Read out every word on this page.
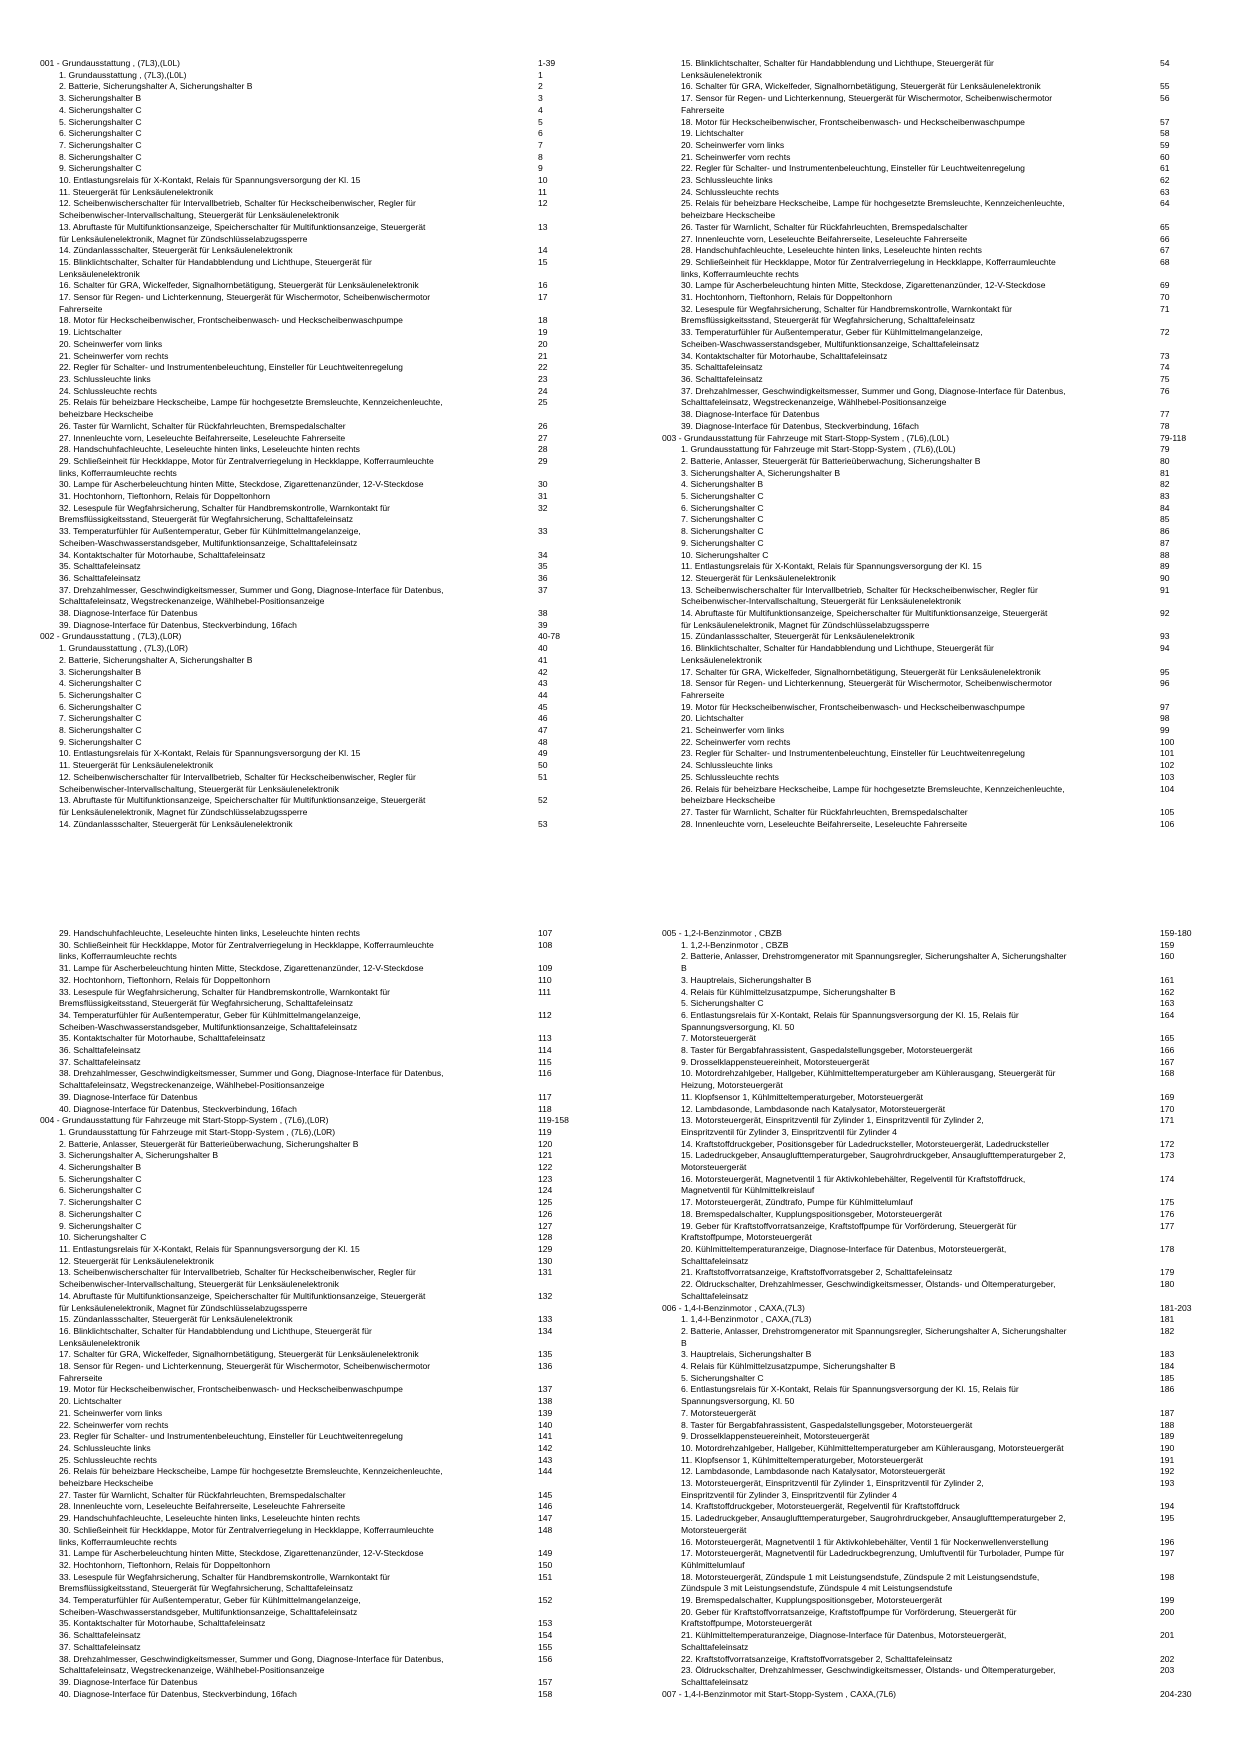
001 - Grundausstattung , (7L3),(L0L)	1-39
1. Grundausstattung , (7L3),(L0L)	1
2. Batterie, Sicherungshalter A, Sicherungshalter B	2
3. Sicherungshalter B	3
4. Sicherungshalter C	4
5. Sicherungshalter C	5
6. Sicherungshalter C	6
7. Sicherungshalter C	7
8. Sicherungshalter C	8
9. Sicherungshalter C	9
10. Entlastungsrelais für X-Kontakt, Relais für Spannungsversorgung der Kl. 15	10
11. Steuergerät für Lenksäulenelektronik	11
12. Scheibenwischerschalter für Intervallbetrieb, Schalter für Heckscheibenwischer, Regler für	12
Scheibenwischer-Intervallschaltung, Steuergerät für Lenksäulenelektronik
13. Abruftaste für Multifunktionsanzeige, Speicherschalter für Multifunktionsanzeige, Steuergerät	13
für Lenksäulenelektronik, Magnet für Zündschlüsselabzugssperre
14. Zündanlassschalter, Steuergerät für Lenksäulenelektronik	14
15. Blinklichtschalter, Schalter für Handabblendung und Lichthupe, Steuergerät für	15
Lenksäulenelektronik
16. Schalter für GRA, Wickelfeder, Signalhornbetätigung, Steuergerät für Lenksäulenelektronik	16
17. Sensor für Regen- und Lichterkennung, Steuergerät für Wischermotor, Scheibenwischermotor	17
Fahrerseite
18. Motor für Heckscheibenwischer, Frontscheibenwasch- und Heckscheibenwaschpumpe	18
19. Lichtschalter	19
20. Scheinwerfer vorn links	20
21. Scheinwerfer vorn rechts	21
22. Regler für Schalter- und Instrumentenbeleuchtung, Einsteller für Leuchtweitenregelung	22
23. Schlussleuchte links	23
24. Schlussleuchte rechts	24
25. Relais für beheizbare Heckscheibe, Lampe für hochgesetzte Bremsleuchte, Kennzeichenleuchte,	25
beheizbare Heckscheibe
26. Taster für Warnlicht, Schalter für Rückfahrleuchten, Bremspedalschalter	26
27. Innenleuchte vorn, Leseleuchte Beifahrerseite, Leseleuchte Fahrerseite	27
28. Handschuhfachleuchte, Leseleuchte hinten links, Leseleuchte hinten rechts	28
29. Schließeinheit für Heckklappe, Motor für Zentralverriegelung in Heckklappe, Kofferraumleuchte	29
links, Kofferraumleuchte rechts
30. Lampe für Ascherbeleuchtung hinten Mitte, Steckdose, Zigarettenanzünder, 12-V-Steckdose	30
31. Hochtonhorn, Tieftonhorn, Relais für Doppeltonhorn	31
32. Lesespule für Wegfahrsicherung, Schalter für Handbremskontrolle, Warnkontakt für	32
Bremsflüssigkeitsstand, Steuergerät für Wegfahrsicherung, Schalttafeleinsatz
33. Temperaturfühler für Außentemperatur, Geber für Kühlmittelmangelanzeige,	33
Scheiben-Waschwasserstandsgeber, Multifunktionsanzeige, Schalttafeleinsatz
34. Kontaktschalter für Motorhaube, Schalttafeleinsatz	34
35. Schalttafeleinsatz	35
36. Schalttafeleinsatz	36
37. Drehzahlmesser, Geschwindigkeitsmesser, Summer und Gong, Diagnose-Interface für Datenbus,	37
Schalttafeleinsatz, Wegstreckenanzeige, Wählhebel-Positionsanzeige
38. Diagnose-Interface für Datenbus	38
39. Diagnose-Interface für Datenbus, Steckverbindung, 16fach	39
002 - Grundausstattung , (7L3),(L0R)	40-78
1. Grundausstattung , (7L3),(L0R)	40
2. Batterie, Sicherungshalter A, Sicherungshalter B	41
3. Sicherungshalter B	42
4. Sicherungshalter C	43
5. Sicherungshalter C	44
6. Sicherungshalter C	45
7. Sicherungshalter C	46
8. Sicherungshalter C	47
9. Sicherungshalter C	48
10. Entlastungsrelais für X-Kontakt, Relais für Spannungsversorgung der Kl. 15	49
11. Steuergerät für Lenksäulenelektronik	50
12. Scheibenwischerschalter für Intervallbetrieb, Schalter für Heckscheibenwischer, Regler für	51
Scheibenwischer-Intervallschaltung, Steuergerät für Lenksäulenelektronik
13. Abruftaste für Multifunktionsanzeige, Speicherschalter für Multifunktionsanzeige, Steuergerät	52
für Lenksäulenelektronik, Magnet für Zündschlüsselabzugssperre
14. Zündanlassschalter, Steuergerät für Lenksäulenelektronik	53
15. Blinklichtschalter, Schalter für Handabblendung und Lichthupe, Steuergerät für	54
Lenksäulenelektronik
16. Schalter für GRA, Wickelfeder, Signalhornbetätigung, Steuergerät für Lenksäulenelektronik	55
17. Sensor für Regen- und Lichterkennung, Steuergerät für Wischermotor, Scheibenwischermotor	56
Fahrerseite
18. Motor für Heckscheibenwischer, Frontscheibenwasch- und Heckscheibenwaschpumpe	57
19. Lichtschalter	58
20. Scheinwerfer vorn links	59
21. Scheinwerfer vorn rechts	60
22. Regler für Schalter- und Instrumentenbeleuchtung, Einsteller für Leuchtweitenregelung	61
23. Schlussleuchte links	62
24. Schlussleuchte rechts	63
25. Relais für beheizbare Heckscheibe, Lampe für hochgesetzte Bremsleuchte, Kennzeichenleuchte,	64
beheizbare Heckscheibe
26. Taster für Warnlicht, Schalter für Rückfahrleuchten, Bremspedalschalter	65
27. Innenleuchte vorn, Leseleuchte Beifahrerseite, Leseleuchte Fahrerseite	66
28. Handschuhfachleuchte, Leseleuchte hinten links, Leseleuchte hinten rechts	67
29. Schließeinheit für Heckklappe, Motor für Zentralverriegelung in Heckklappe, Kofferraumleuchte	68
links, Kofferraumleuchte rechts
30. Lampe für Ascherbeleuchtung hinten Mitte, Steckdose, Zigarettenanzünder, 12-V-Steckdose	69
31. Hochtonhorn, Tieftonhorn, Relais für Doppeltonhorn	70
32. Lesespule für Wegfahrsicherung, Schalter für Handbremskontrolle, Warnkontakt für	71
Bremsflüssigkeitsstand, Steuergerät für Wegfahrsicherung, Schalttafeleinsatz
33. Temperaturfühler für Außentemperatur, Geber für Kühlmittelmangelanzeige,	72
Scheiben-Waschwasserstandsgeber, Multifunktionsanzeige, Schalttafeleinsatz
34. Kontaktschalter für Motorhaube, Schalttafeleinsatz	73
35. Schalttafeleinsatz	74
36. Schalttafeleinsatz	75
37. Drehzahlmesser, Geschwindigkeitsmesser, Summer und Gong, Diagnose-Interface für Datenbus,	76
Schalttafeleinsatz, Wegstreckenanzeige, Wählhebel-Positionsanzeige
38. Diagnose-Interface für Datenbus	77
39. Diagnose-Interface für Datenbus, Steckverbindung, 16fach	78
003 - Grundausstattung für Fahrzeuge mit Start-Stopp-System , (7L6),(L0L)	79-118
1. Grundausstattung für Fahrzeuge mit Start-Stopp-System , (7L6),(L0L)	79
2. Batterie, Anlasser, Steuergerät für Batterieüberwachung, Sicherungshalter B	80
3. Sicherungshalter A, Sicherungshalter B	81
4. Sicherungshalter B	82
5. Sicherungshalter C	83
6. Sicherungshalter C	84
7. Sicherungshalter C	85
8. Sicherungshalter C	86
9. Sicherungshalter C	87
10. Sicherungshalter C	88
11. Entlastungsrelais für X-Kontakt, Relais für Spannungsversorgung der Kl. 15	89
12. Steuergerät für Lenksäulenelektronik	90
13. Scheibenwischerschalter für Intervallbetrieb, Schalter für Heckscheibenwischer, Regler für	91
Scheibenwischer-Intervallschaltung, Steuergerät für Lenksäulenelektronik
14. Abruftaste für Multifunktionsanzeige, Speicherschalter für Multifunktionsanzeige, Steuergerät	92
für Lenksäulenelektronik, Magnet für Zündschlüsselabzugssperre
15. Zündanlassschalter, Steuergerät für Lenksäulenelektronik	93
16. Blinklichtschalter, Schalter für Handabblendung und Lichthupe, Steuergerät für	94
Lenksäulenelektronik
17. Schalter für GRA, Wickelfeder, Signalhornbetätigung, Steuergerät für Lenksäulenelektronik	95
18. Sensor für Regen- und Lichterkennung, Steuergerät für Wischermotor, Scheibenwischermotor	96
Fahrerseite
19. Motor für Heckscheibenwischer, Frontscheibenwasch- und Heckscheibenwaschpumpe	97
20. Lichtschalter	98
21. Scheinwerfer vorn links	99
22. Scheinwerfer vorn rechts	100
23. Regler für Schalter- und Instrumentenbeleuchtung, Einsteller für Leuchtweitenregelung	101
24. Schlussleuchte links	102
25. Schlussleuchte rechts	103
26. Relais für beheizbare Heckscheibe, Lampe für hochgesetzte Bremsleuchte, Kennzeichenleuchte,	104
beheizbare Heckscheibe
27. Taster für Warnlicht, Schalter für Rückfahrleuchten, Bremspedalschalter	105
28. Innenleuchte vorn, Leseleuchte Beifahrerseite, Leseleuchte Fahrerseite	106
29. Handschuhfachleuchte, Leseleuchte hinten links, Leseleuchte hinten rechts	107
30. Schließeinheit für Heckklappe, Motor für Zentralverriegelung in Heckklappe, Kofferraumleuchte	108
links, Kofferraumleuchte rechts
31. Lampe für Ascherbeleuchtung hinten Mitte, Steckdose, Zigarettenanzünder, 12-V-Steckdose	109
32. Hochtonhorn, Tieftonhorn, Relais für Doppeltonhorn	110
33. Lesespule für Wegfahrsicherung, Schalter für Handbremskontrolle, Warnkontakt für	111
Bremsflüssigkeitsstand, Steuergerät für Wegfahrsicherung, Schalttafeleinsatz
34. Temperaturfühler für Außentemperatur, Geber für Kühlmittelmangelanzeige,	112
Scheiben-Waschwasserstandsgeber, Multifunktionsanzeige, Schalttafeleinsatz
35. Kontaktschalter für Motorhaube, Schalttafeleinsatz	113
36. Schalttafeleinsatz	114
37. Schalttafeleinsatz	115
38. Drehzahlmesser, Geschwindigkeitsmesser, Summer und Gong, Diagnose-Interface für Datenbus,	116
Schalttafeleinsatz, Wegstreckenanzeige, Wählhebel-Positionsanzeige
39. Diagnose-Interface für Datenbus	117
40. Diagnose-Interface für Datenbus, Steckverbindung, 16fach	118
004 - Grundausstattung für Fahrzeuge mit Start-Stopp-System , (7L6),(L0R)	119-158
1. Grundausstattung für Fahrzeuge mit Start-Stopp-System , (7L6),(L0R)	119
2. Batterie, Anlasser, Steuergerät für Batterieüberwachung, Sicherungshalter B	120
3. Sicherungshalter A, Sicherungshalter B	121
4. Sicherungshalter B	122
5. Sicherungshalter C	123
6. Sicherungshalter C	124
7. Sicherungshalter C	125
8. Sicherungshalter C	126
9. Sicherungshalter C	127
10. Sicherungshalter C	128
11. Entlastungsrelais für X-Kontakt, Relais für Spannungsversorgung der Kl. 15	129
12. Steuergerät für Lenksäulenelektronik	130
13. Scheibenwischerschalter für Intervallbetrieb, Schalter für Heckscheibenwischer, Regler für	131
Scheibenwischer-Intervallschaltung, Steuergerät für Lenksäulenelektronik
14. Abruftaste für Multifunktionsanzeige, Speicherschalter für Multifunktionsanzeige, Steuergerät	132
für Lenksäulenelektronik, Magnet für Zündschlüsselabzugssperre
15. Zündanlassschalter, Steuergerät für Lenksäulenelektronik	133
16. Blinklichtschalter, Schalter für Handabblendung und Lichthupe, Steuergerät für	134
Lenksäulenelektronik
17. Schalter für GRA, Wickelfeder, Signalhornbetätigung, Steuergerät für Lenksäulenelektronik	135
18. Sensor für Regen- und Lichterkennung, Steuergerät für Wischermotor, Scheibenwischermotor	136
Fahrerseite
19. Motor für Heckscheibenwischer, Frontscheibenwasch- und Heckscheibenwaschpumpe	137
20. Lichtschalter	138
21. Scheinwerfer vorn links	139
22. Scheinwerfer vorn rechts	140
23. Regler für Schalter- und Instrumentenbeleuchtung, Einsteller für Leuchtweitenregelung	141
24. Schlussleuchte links	142
25. Schlussleuchte rechts	143
26. Relais für beheizbare Heckscheibe, Lampe für hochgesetzte Bremsleuchte, Kennzeichenleuchte,	144
beheizbare Heckscheibe
27. Taster für Warnlicht, Schalter für Rückfahrleuchten, Bremspedalschalter	145
28. Innenleuchte vorn, Leseleuchte Beifahrerseite, Leseleuchte Fahrerseite	146
29. Handschuhfachleuchte, Leseleuchte hinten links, Leseleuchte hinten rechts	147
30. Schließeinheit für Heckklappe, Motor für Zentralverriegelung in Heckklappe, Kofferraumleuchte	148
links, Kofferraumleuchte rechts
31. Lampe für Ascherbeleuchtung hinten Mitte, Steckdose, Zigarettenanzünder, 12-V-Steckdose	149
32. Hochtonhorn, Tieftonhorn, Relais für Doppeltonhorn	150
33. Lesespule für Wegfahrsicherung, Schalter für Handbremskontrolle, Warnkontakt für	151
Bremsflüssigkeitsstand, Steuergerät für Wegfahrsicherung, Schalttafeleinsatz
34. Temperaturfühler für Außentemperatur, Geber für Kühlmittelmangelanzeige,	152
Scheiben-Waschwasserstandsgeber, Multifunktionsanzeige, Schalttafeleinsatz
35. Kontaktschalter für Motorhaube, Schalttafeleinsatz	153
36. Schalttafeleinsatz	154
37. Schalttafeleinsatz	155
38. Drehzahlmesser, Geschwindigkeitsmesser, Summer und Gong, Diagnose-Interface für Datenbus,	156
Schalttafeleinsatz, Wegstreckenanzeige, Wählhebel-Positionsanzeige
39. Diagnose-Interface für Datenbus	157
40. Diagnose-Interface für Datenbus, Steckverbindung, 16fach	158
005 - 1,2-l-Benzinmotor , CBZB	159-180
1. 1,2-l-Benzinmotor , CBZB	159
2. Batterie, Anlasser, Drehstromgenerator mit Spannungsregler, Sicherungshalter A, Sicherungshalter	160
B
3. Hauptrelais, Sicherungshalter B	161
4. Relais für Kühlmittelzusatzpumpe, Sicherungshalter B	162
5. Sicherungshalter C	163
6. Entlastungsrelais für X-Kontakt, Relais für Spannungsversorgung der Kl. 15, Relais für	164
Spannungsversorgung, Kl. 50
7. Motorsteuergerät	165
8. Taster für Bergabfahrassistent, Gaspedalstellungsgeber, Motorsteuergerät	166
9. Drosselklappensteuereinheit, Motorsteuergerät	167
10. Motordrehzahlgeber, Hallgeber, Kühlmitteltemperaturgeber am Kühlerausgang, Steuergerät für	168
Heizung, Motorsteuergerät
11. Klopfsensor 1, Kühlmitteltemperaturgeber, Motorsteuergerät	169
12. Lambdasonde, Lambdasonde nach Katalysator, Motorsteuergerät	170
13. Motorsteuergerät, Einspritzventil für Zylinder 1, Einspritzventil für Zylinder 2,	171
Einspritzventil für Zylinder 3, Einspritzventil für Zylinder 4
14. Kraftstoffdruckgeber, Positionsgeber für Ladedrucksteller, Motorsteuergerät, Ladedrucksteller	172
15. Ladedruckgeber, Ansauglufttemperaturgeber, Saugrohrdruckgeber, Ansauglufttemperaturgeber 2,	173
Motorsteuergerät
16. Motorsteuergerät, Magnetventil 1 für Aktivkohlebehälter, Regelventil für Kraftstoffdruck,	174
Magnetventil für Kühlmittelkreislauf
17. Motorsteuergerät, Zündtrafo, Pumpe für Kühlmittelumlauf	175
18. Bremspedalschalter, Kupplungspositionsgeber, Motorsteuergerät	176
19. Geber für Kraftstoffvorratsanzeige, Kraftstoffpumpe für Vorförderung, Steuergerät für	177
Kraftstoffpumpe, Motorsteuergerät
20. Kühlmitteltemperaturanzeige, Diagnose-Interface für Datenbus, Motorsteuergerät,	178
Schalttafeleinsatz
21. Kraftstoffvorratsanzeige, Kraftstoffvorratsgeber 2, Schalttafeleinsatz	179
22. Öldruckschalter, Drehzahlmesser, Geschwindigkeitsmesser, Ölstands- und Öltemperaturgeber,	180
Schalttafeleinsatz
006 - 1,4-l-Benzinmotor , CAXA,(7L3)	181-203
1. 1,4-l-Benzinmotor , CAXA,(7L3)	181
2. Batterie, Anlasser, Drehstromgenerator mit Spannungsregler, Sicherungshalter A, Sicherungshalter	182
B
3. Hauptrelais, Sicherungshalter B	183
4. Relais für Kühlmittelzusatzpumpe, Sicherungshalter B	184
5. Sicherungshalter C	185
6. Entlastungsrelais für X-Kontakt, Relais für Spannungsversorgung der Kl. 15, Relais für	186
Spannungsversorgung, Kl. 50
7. Motorsteuergerät	187
8. Taster für Bergabfahrassistent, Gaspedalstellungsgeber, Motorsteuergerät	188
9. Drosselklappensteuereinheit, Motorsteuergerät	189
10. Motordrehzahlgeber, Hallgeber, Kühlmitteltemperaturgeber am Kühlerausgang, Motorsteuergerät	190
11. Klopfsensor 1, Kühlmitteltemperaturgeber, Motorsteuergerät	191
12. Lambdasonde, Lambdasonde nach Katalysator, Motorsteuergerät	192
13. Motorsteuergerät, Einspritzventil für Zylinder 1, Einspritzventil für Zylinder 2,	193
Einspritzventil für Zylinder 3, Einspritzventil für Zylinder 4
14. Kraftstoffdruckgeber, Motorsteuergerät, Regelventil für Kraftstoffdruck	194
15. Ladedruckgeber, Ansauglufttemperaturgeber, Saugrohrdruckgeber, Ansauglufttemperaturgeber 2,	195
Motorsteuergerät
16. Motorsteuergerät, Magnetventil 1 für Aktivkohlebehälter, Ventil 1 für Nockenwellenverstellung	196
17. Motorsteuergerät, Magnetventil für Ladedruckbegrenzung, Umluftventil für Turbolader, Pumpe für	197
Kühlmittelumlauf
18. Motorsteuergerät, Zündspule 1 mit Leistungsendstufe, Zündspule 2 mit Leistungsendstufe,	198
Zündspule 3 mit Leistungsendstufe, Zündspule 4 mit Leistungsendstufe
19. Bremspedalschalter, Kupplungspositionsgeber, Motorsteuergerät	199
20. Geber für Kraftstoffvorratsanzeige, Kraftstoffpumpe für Vorförderung, Steuergerät für	200
Kraftstoffpumpe, Motorsteuergerät
21. Kühlmitteltemperaturanzeige, Diagnose-Interface für Datenbus, Motorsteuergerät,	201
Schalttafeleinsatz
22. Kraftstoffvorratsanzeige, Kraftstoffvorratsgeber 2, Schalttafeleinsatz	202
23. Öldruckschalter, Drehzahlmesser, Geschwindigkeitsmesser, Ölstands- und Öltemperaturgeber,	203
Schalttafeleinsatz
007 - 1,4-l-Benzinmotor mit Start-Stopp-System , CAXA,(7L6)	204-230
